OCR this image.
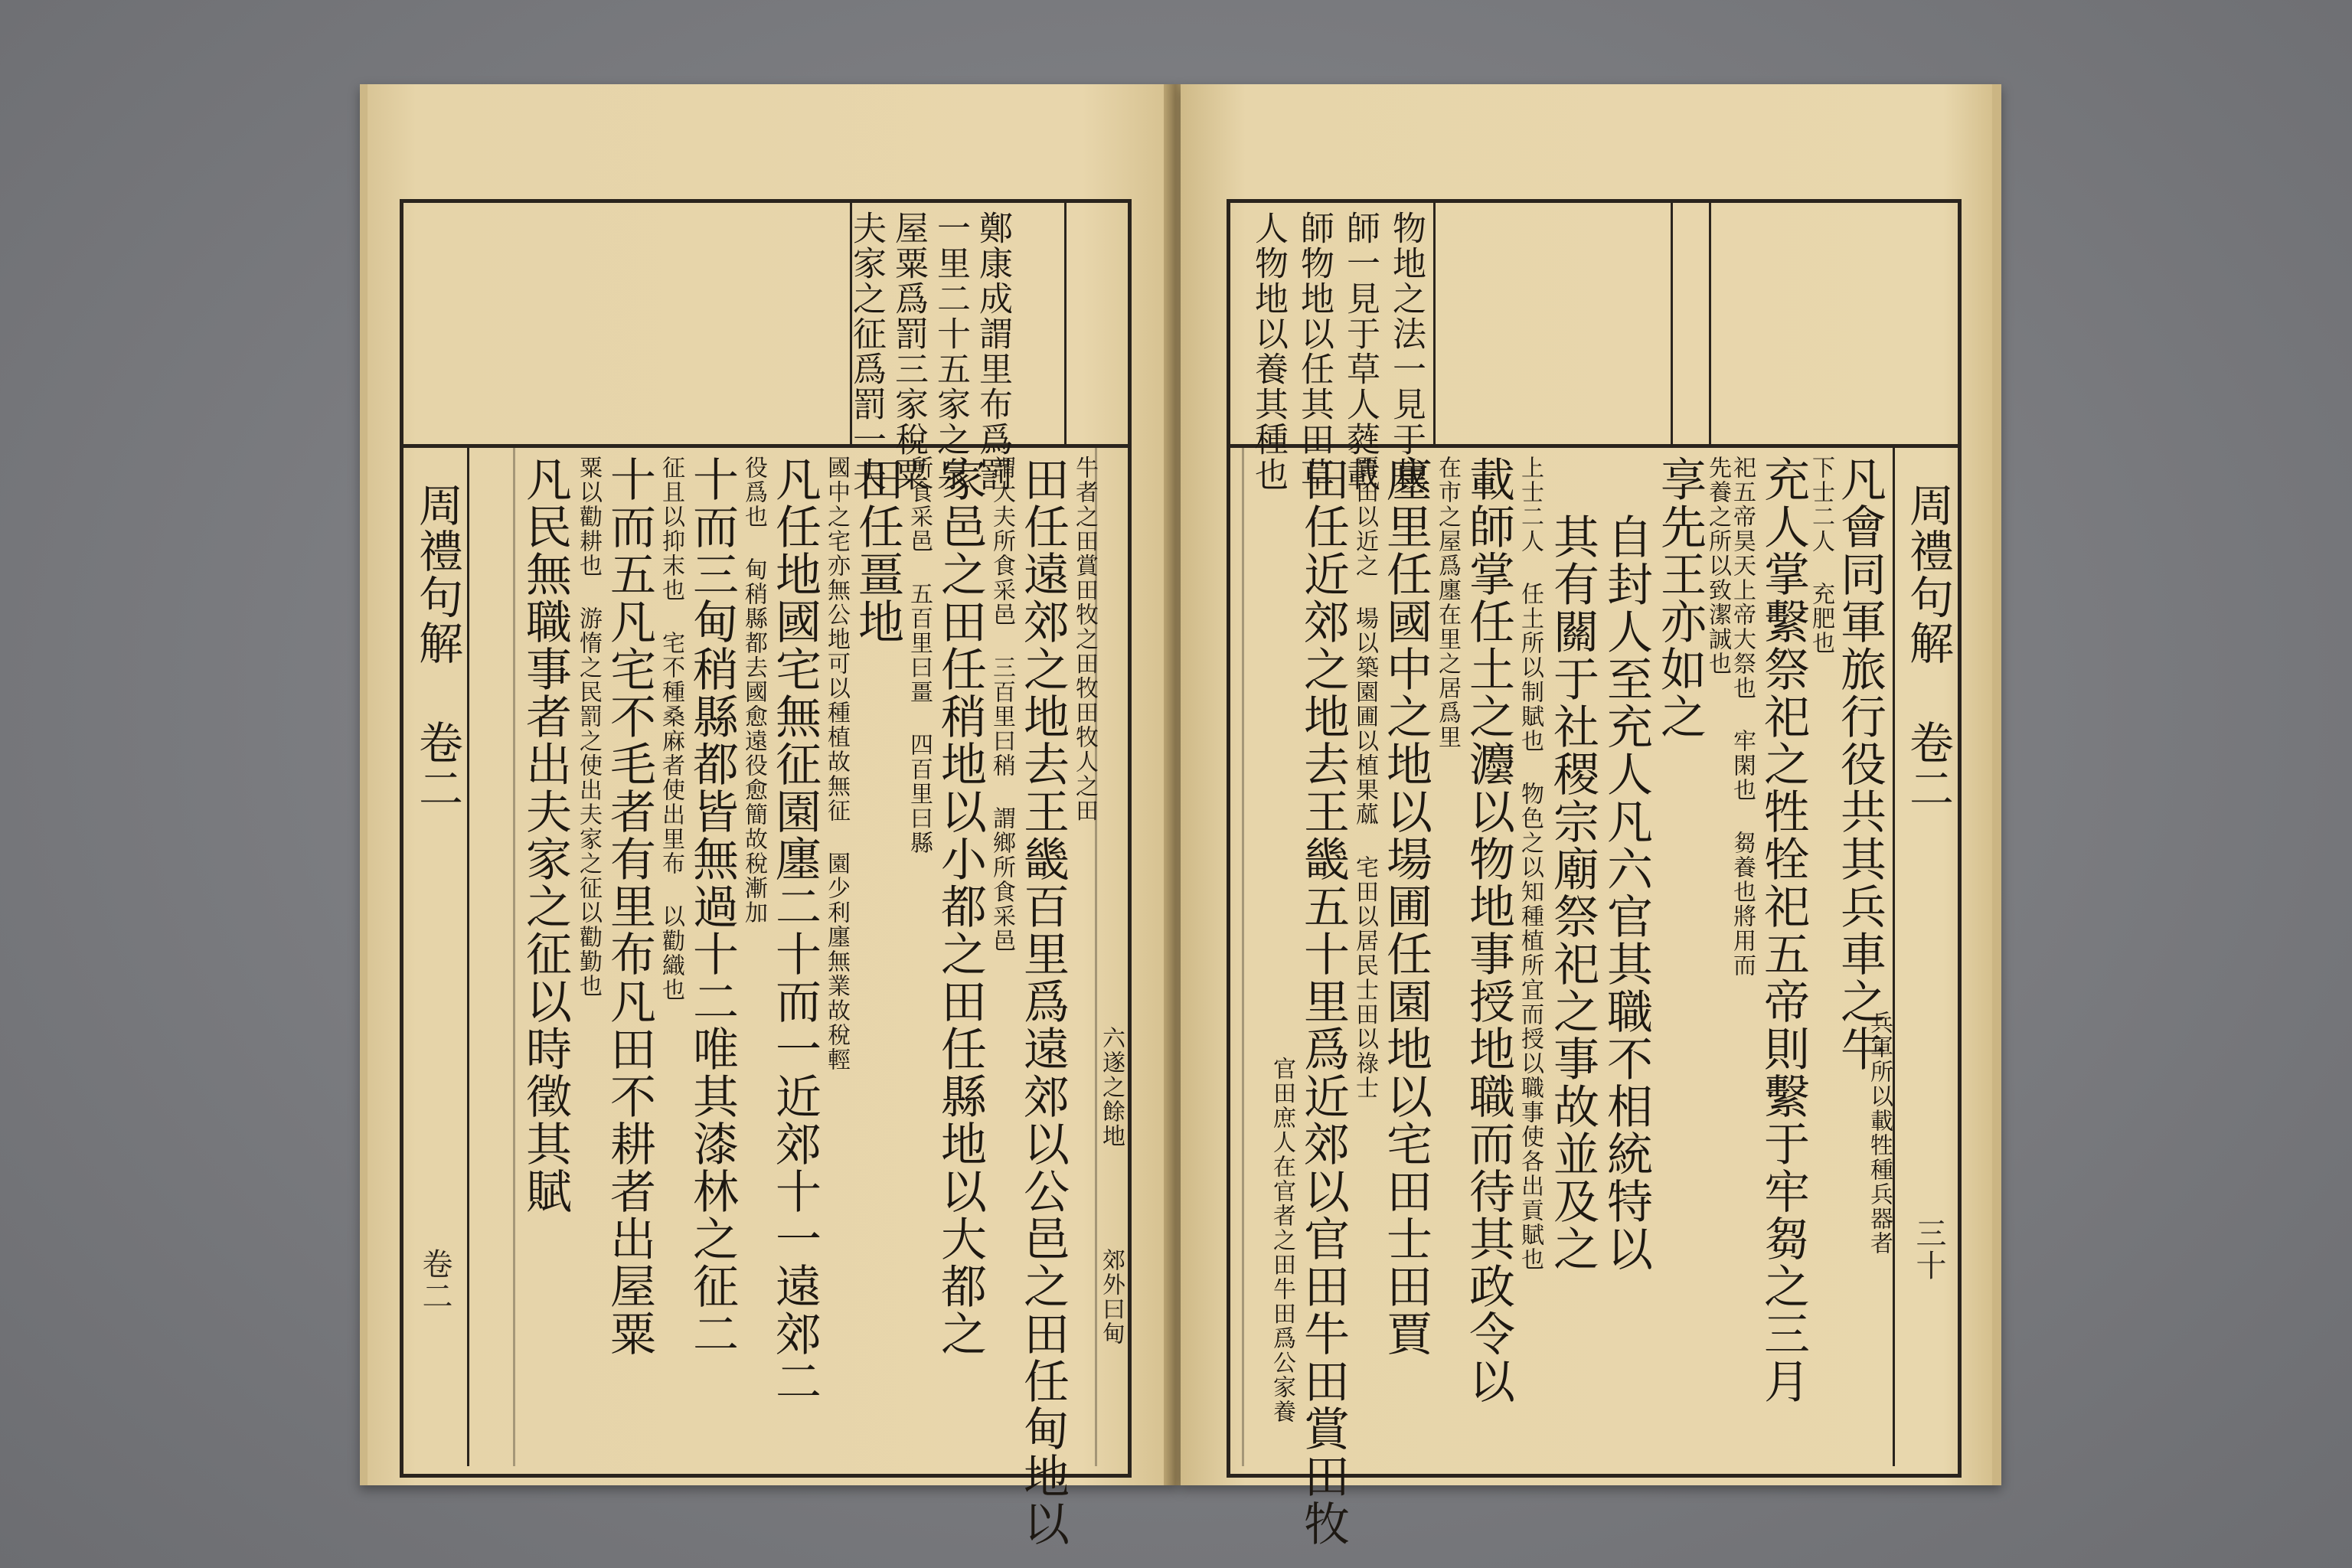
鄭康成謂里布爲罰
一里二十五家之泉
屋粟爲罰三家稅粟
夫家之征爲罰一夫
周禮句解 卷二
卷二
牛者之田賞田牧之田牧田牧人之田
田任遠郊之地去王畿百里爲遠郊以公邑之田任甸地以
謂大夫所食采邑 三百里曰稍 謂鄉所食采邑
家邑之田任稍地以小都之田任縣地以大都之
所食采邑 五百里曰畺 四百里曰縣
田任畺地
國中之宅亦無公地可以種植故無征 園少利廛無業故稅輕
凡任地國宅無征園廛二十而一近郊十一遠郊二
役爲也 甸稍縣都去國愈遠役愈簡故稅漸加
十而三甸稍縣都皆無過十二唯其漆林之征二
征且以抑末也 宅不種桑麻者使出里布 以勸織也
十而五凡宅不毛者有里布凡田不耕者出屋粟
粟以勸耕也 游惰之民罰之使出夫家之征以勸勤也
凡民無職事者出夫家之征以時徵其賦	六遂之餘地
郊外曰甸
物地之法一見于栽
師一見于草人蕤載
師物地以任其田草
人物地以養其種也
周禮句解 卷二
三十
凡會同軍旅行役共其兵車之牛
兵軍所以載牲種兵器者
下士二人 充肥也
充人掌繫祭祀之牲牷祀五帝則繫于牢芻之三月
祀五帝昊天上帝大祭也 牢閑也 芻養也將用而
先養之所以致潔誠也
享先王亦如之
自封人至充人凡六官其職不相統特以
其有關于社稷宗廟祭祀之事故並及之
上士二人 任土所以制賦也 物色之以知種植所宜而授以職事使各出貢賦也
載師掌任土之灋以物地事授地職而待其政令以
在市之屋爲廛在里之居爲里
廛里任國中之地以場圃任園地以宅田士田賈
賈田以近之 場以築園圃以植果蓏 宅田以居民士田以祿士
田任近郊之地去王畿五十里爲近郊以官田牛田賞田牧
官田庶人在官者之田牛田爲公家養
